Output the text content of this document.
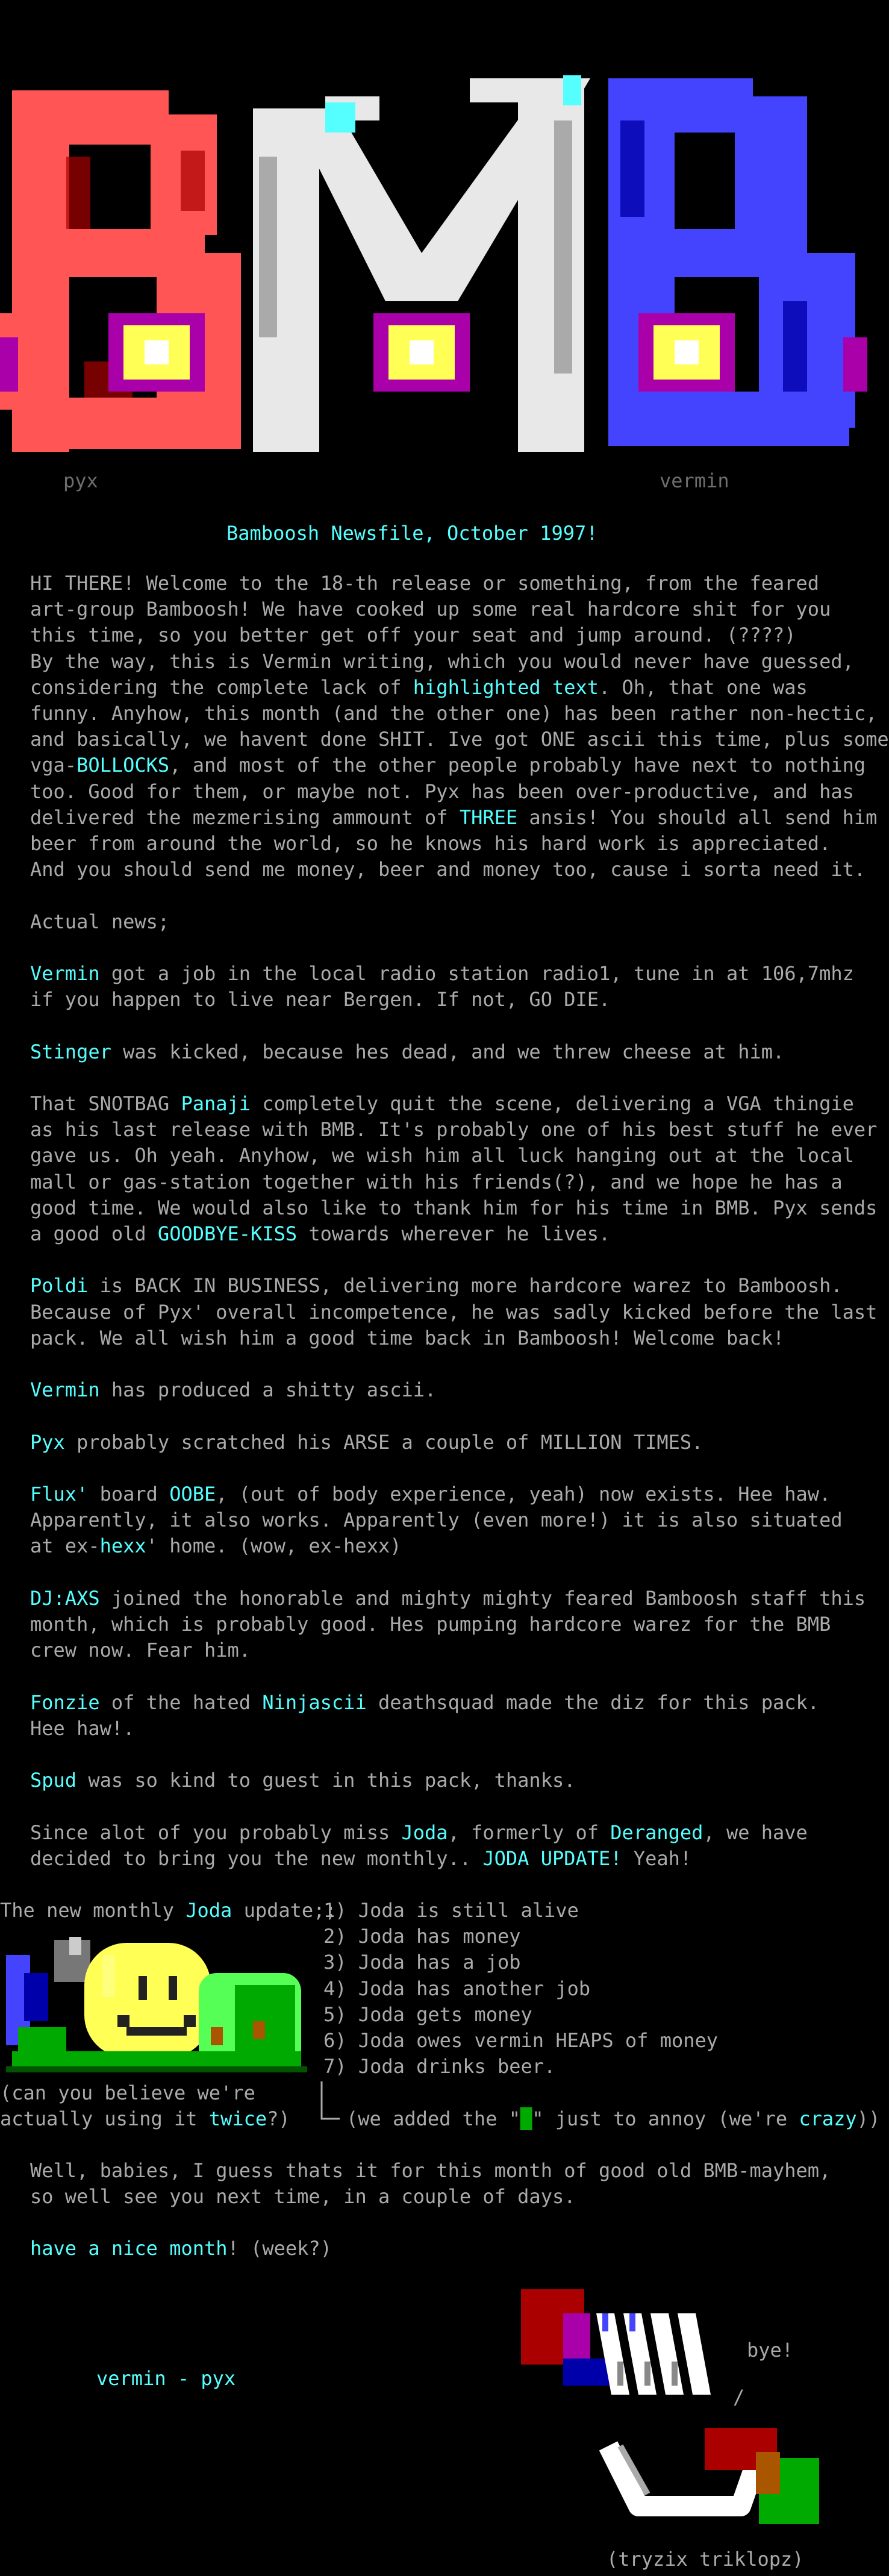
pyx	vermin
Bamboosh Newsfile, October 1997!
HI THERE! Welcome to the 18-th release or something, from the feared
art-group Bamboosh! We have cooked up some real hardcore shit for you
this time, so you better get off your seat and jump around. (????)
By the way, this is Vermin writing, which you would never have guessed,
considering the complete lack of highlighted text. Oh, that one was
funny. Anyhow, this month (and the other one) has been rather non-hectic,
and basically, we havent done SHIT. Ive got ONE ascii this time, plus some
vga-BOLLOCKS, and most of the other people probably have next to nothing
too. Good for them, or maybe not. Pyx has been over-productive, and has
delivered the mezmerising ammount of THREE ansis! You should all send him
beer from around the world, so he knows his hard work is appreciated.
And you should send me money, beer and money too, cause i sorta need it.
Actual news;
Vermin got a job in the local radio station radio1, tune in at 106,7mhz
if you happen to live near Bergen. If not, GO DIE.
Stinger was kicked, because hes dead, and we threw cheese at him.
That SNOTBAG Panaji completely quit the scene, delivering a VGA thingie
as his last release with BMB. It's probably one of his best stuff he ever
gave us. Oh yeah. Anyhow, we wish him all luck hanging out at the local
mall or gas-station together with his friends(?), and we hope he has a
good time. We would also like to thank him for his time in BMB. Pyx sends
a good old GOODBYE-KISS towards wherever he lives.
Poldi is BACK IN BUSINESS, delivering more hardcore warez to Bamboosh.
Because of Pyx' overall incompetence, he was sadly kicked before the last
pack. We all wish him a good time back in Bamboosh! Welcome back!
Vermin has produced a shitty ascii.
Pyx probably scratched his ARSE a couple of MILLION TIMES.
Flux' board OOBE, (out of body experience, yeah) now exists. Hee haw.
Apparently, it also works. Apparently (even more!) it is also situated
at ex-hexx' home. (wow, ex-hexx)
DJ:AXS joined the honorable and mighty mighty feared Bamboosh staff this
month, which is probably good. Hes pumping hardcore warez for the BMB
crew now. Fear him.
Fonzie of the hated Ninjascii deathsquad made the diz for this pack.
Hee haw!.
Spud was so kind to guest in this pack, thanks.
Since alot of you probably miss Joda, formerly of Deranged, we have
decided to bring you the new monthly.. JODA UPDATE! Yeah!
The new monthly Joda update;;
1) Joda is still alive
2) Joda has money
3) Joda has a job
4) Joda has another job
5) Joda gets money
6) Joda owes vermin HEAPS of money
7) Joda drinks beer.
(can you believe we're
actually using it twice?)	(we added the "█" just to annoy (we're crazy))
Well, babies, I guess thats it for this month of good old BMB-mayhem,
so well see you next time, in a couple of days.
have a nice month! (week?)
vermin - pyx
bye!
/
(tryzix triklopz)
